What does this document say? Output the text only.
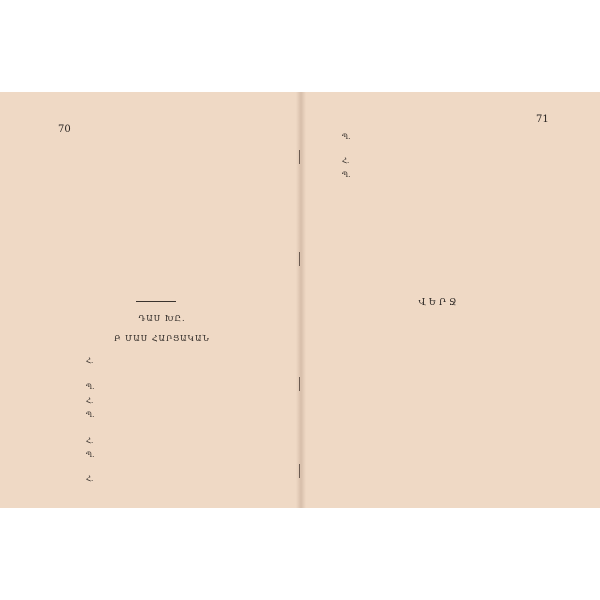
70
ԴԱՍ ԽԸ.
Բ ՄԱՍ ՀԱՐՑԱԿԱՆ
Հ.
Պ.
Հ.
Պ.
Հ.
Պ.
Հ.
71
Պ.
Հ.
Պ.
ՎԵՐՋ
